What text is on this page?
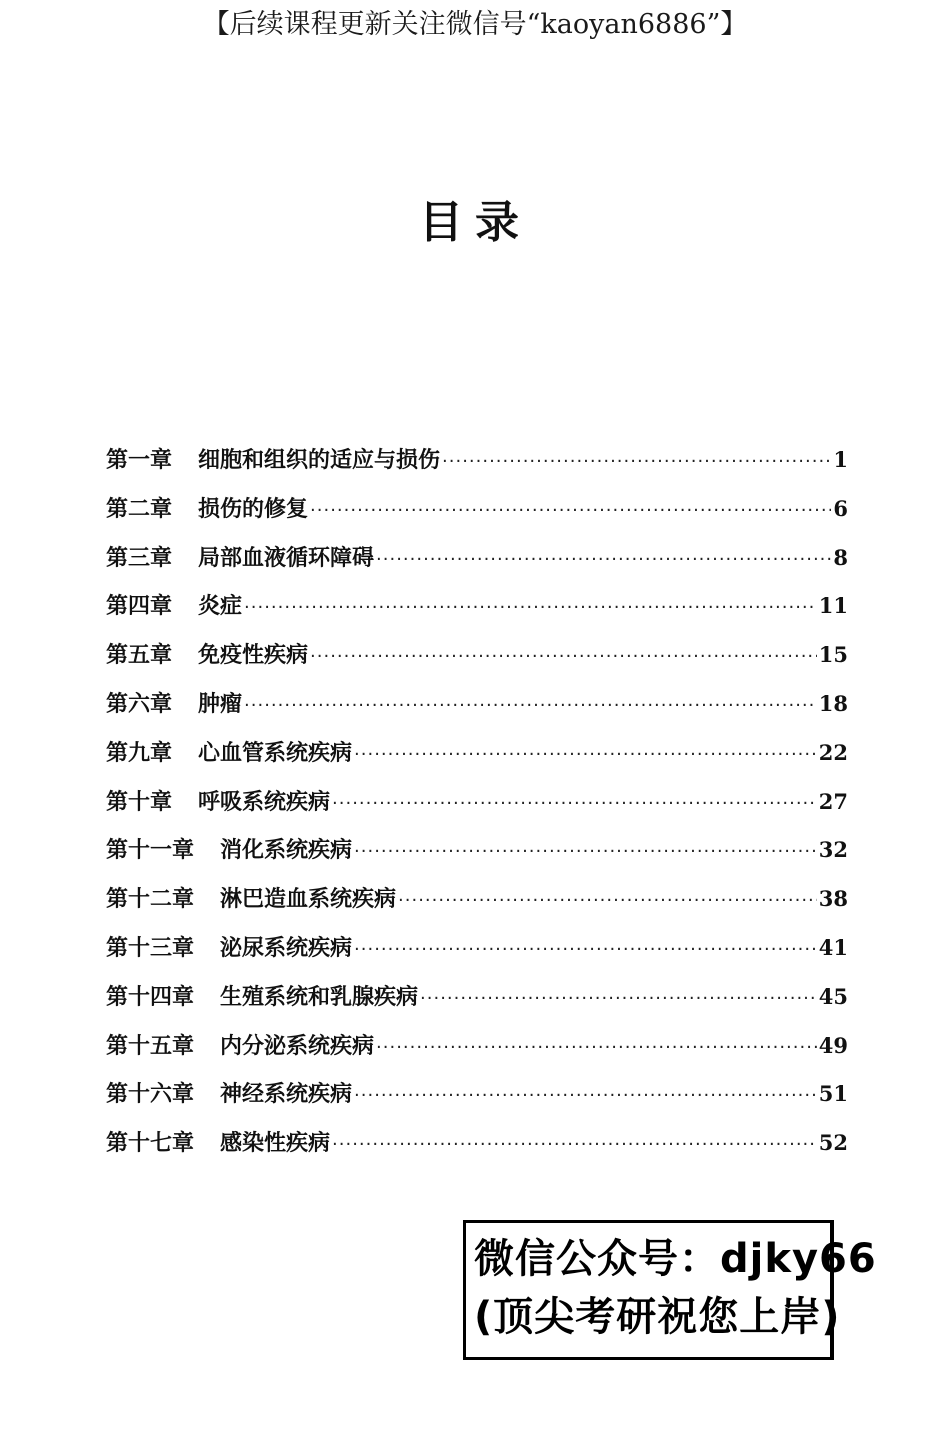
【后续课程更新关注微信号“kaoyan6886”】
目录
第一章 细胞和组织的适应与损伤 ·····	1
第二章 损伤的修复 ·····	6
第三章 局部血液循环障碍 ·····	8
第四章 炎症 ·····	11
第五章 免疫性疾病 ·····	15
第六章 肿瘤 ·····	18
第九章 心血管系统疾病 ·····	22
第十章 呼吸系统疾病 ·····	27
第十一章 消化系统疾病 ·····	32
第十二章 淋巴造血系统疾病 ·····	38
第十三章 泌尿系统疾病 ·····	41
第十四章 生殖系统和乳腺疾病 ·····	45
第十五章 内分泌系统疾病 ·····	49
第十六章 神经系统疾病 ·····	51
第十七章 感染性疾病 ·····	52
微信公众号：djky66
(顶尖考研祝您上岸)
